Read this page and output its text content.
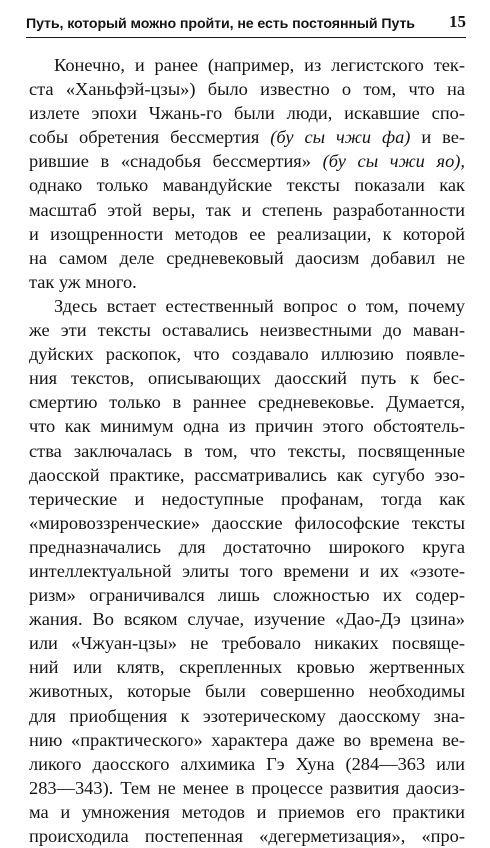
Путь, который можно пройти, не есть постоянный Путь 15
Конечно, и ранее (например, из легистского тек-
ста «Ханьфэй-цзы») было известно о том, что на
излете эпохи Чжань-го были люди, искавшие спо-
собы обретения бессмертия (бу сы чжи фа) и ве-
рившие в «снадобья бессмертия» (бу сы чжи яо),
однако только мавандуйские тексты показали как
масштаб этой веры, так и степень разработанности
и изощренности методов ее реализации, к которой
на самом деле средневековый даосизм добавил не
так уж много.
Здесь встает естественный вопрос о том, почему
же эти тексты оставались неизвестными до маван-
дуйских раскопок, что создавало иллюзию появле-
ния текстов, описывающих даосский путь к бес-
смертию только в раннее средневековье. Думается,
что как минимум одна из причин этого обстоятель-
ства заключалась в том, что тексты, посвященные
даосской практике, рассматривались как сугубо эзо-
терические и недоступные профанам, тогда как
«мировоззренческие» даосские философские тексты
предназначались для достаточно широкого круга
интеллектуальной элиты того времени и их «эзоте-
ризм» ограничивался лишь сложностью их содер-
жания. Во всяком случае, изучение «Дао-Дэ цзина»
или «Чжуан-цзы» не требовало никаких посвяще-
ний или клятв, скрепленных кровью жертвенных
животных, которые были совершенно необходимы
для приобщения к эзотерическому даосскому зна-
нию «практического» характера даже во времена ве-
ликого даосского алхимика Гэ Хуна (284—363 или
283—343). Тем не менее в процессе развития даосиз-
ма и умножения методов и приемов его практики
происходила постепенная «дегерметизация», «про-
